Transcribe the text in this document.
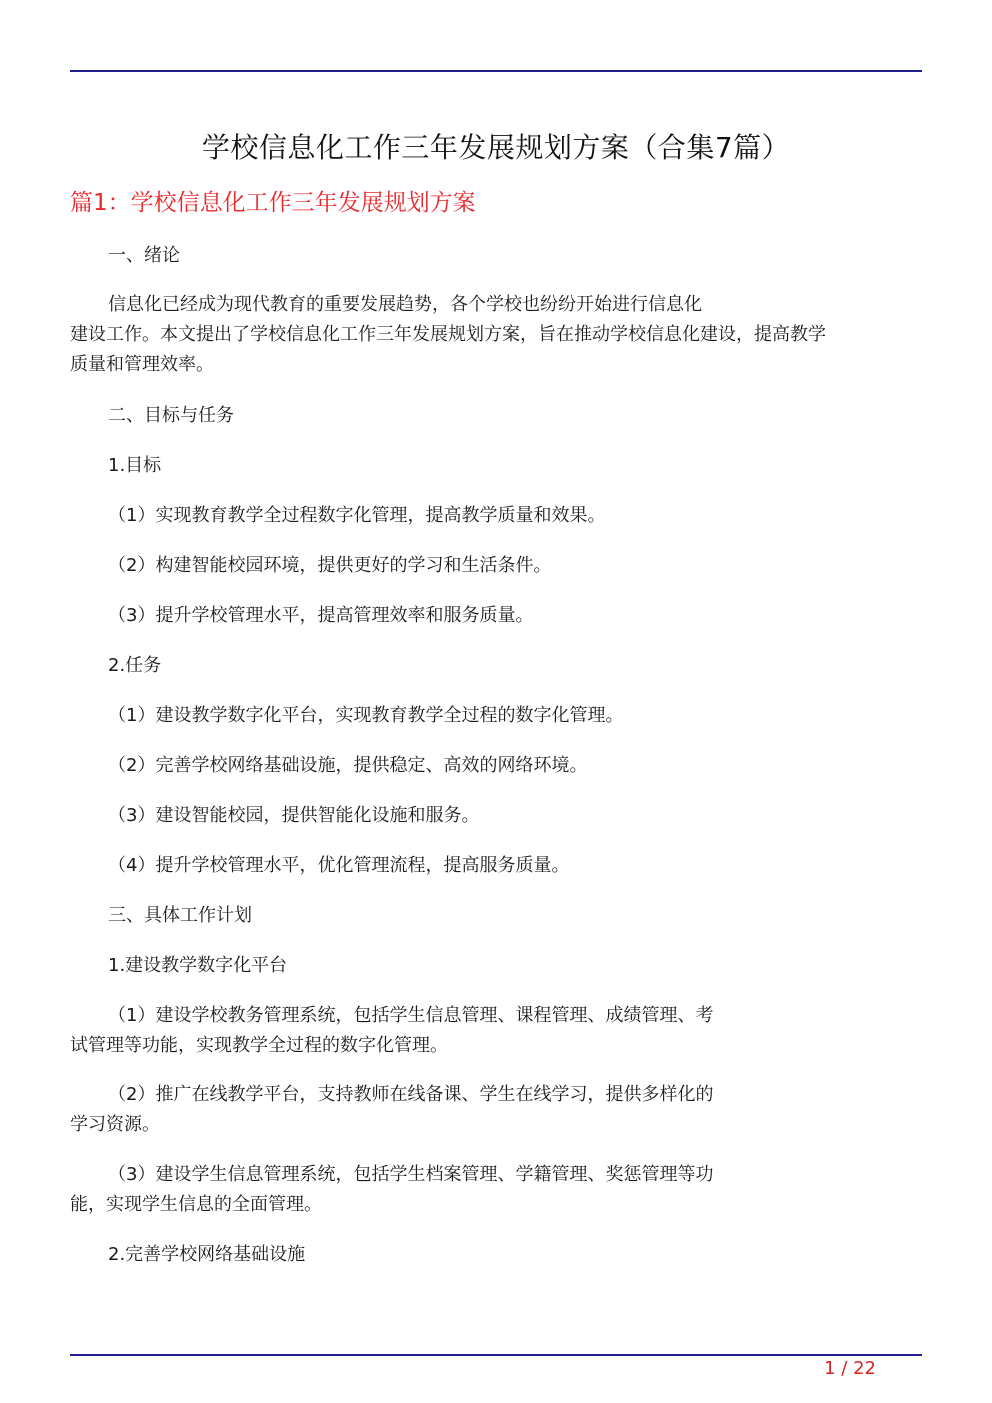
学校信息化工作三年发展规划方案（合集7篇）
篇1：学校信息化工作三年发展规划方案

一、绪论

信息化已经成为现代教育的重要发展趋势，各个学校也纷纷开始进行信息化
建设工作。本文提出了学校信息化工作三年发展规划方案，旨在推动学校信息化建设，提高教学
质量和管理效率。

二、目标与任务

1.目标

（1）实现教育教学全过程数字化管理，提高教学质量和效果。

（2）构建智能校园环境，提供更好的学习和生活条件。

（3）提升学校管理水平，提高管理效率和服务质量。

2.任务

（1）建设教学数字化平台，实现教育教学全过程的数字化管理。

（2）完善学校网络基础设施，提供稳定、高效的网络环境。

（3）建设智能校园，提供智能化设施和服务。

（4）提升学校管理水平，优化管理流程，提高服务质量。

三、具体工作计划

1.建设教学数字化平台

（1）建设学校教务管理系统，包括学生信息管理、课程管理、成绩管理、考
试管理等功能，实现教学全过程的数字化管理。
（2）推广在线教学平台，支持教师在线备课、学生在线学习，提供多样化的
学习资源。
（3）建设学生信息管理系统，包括学生档案管理、学籍管理、奖惩管理等功
能，实现学生信息的全面管理。

2.完善学校网络基础设施

1 / 22
